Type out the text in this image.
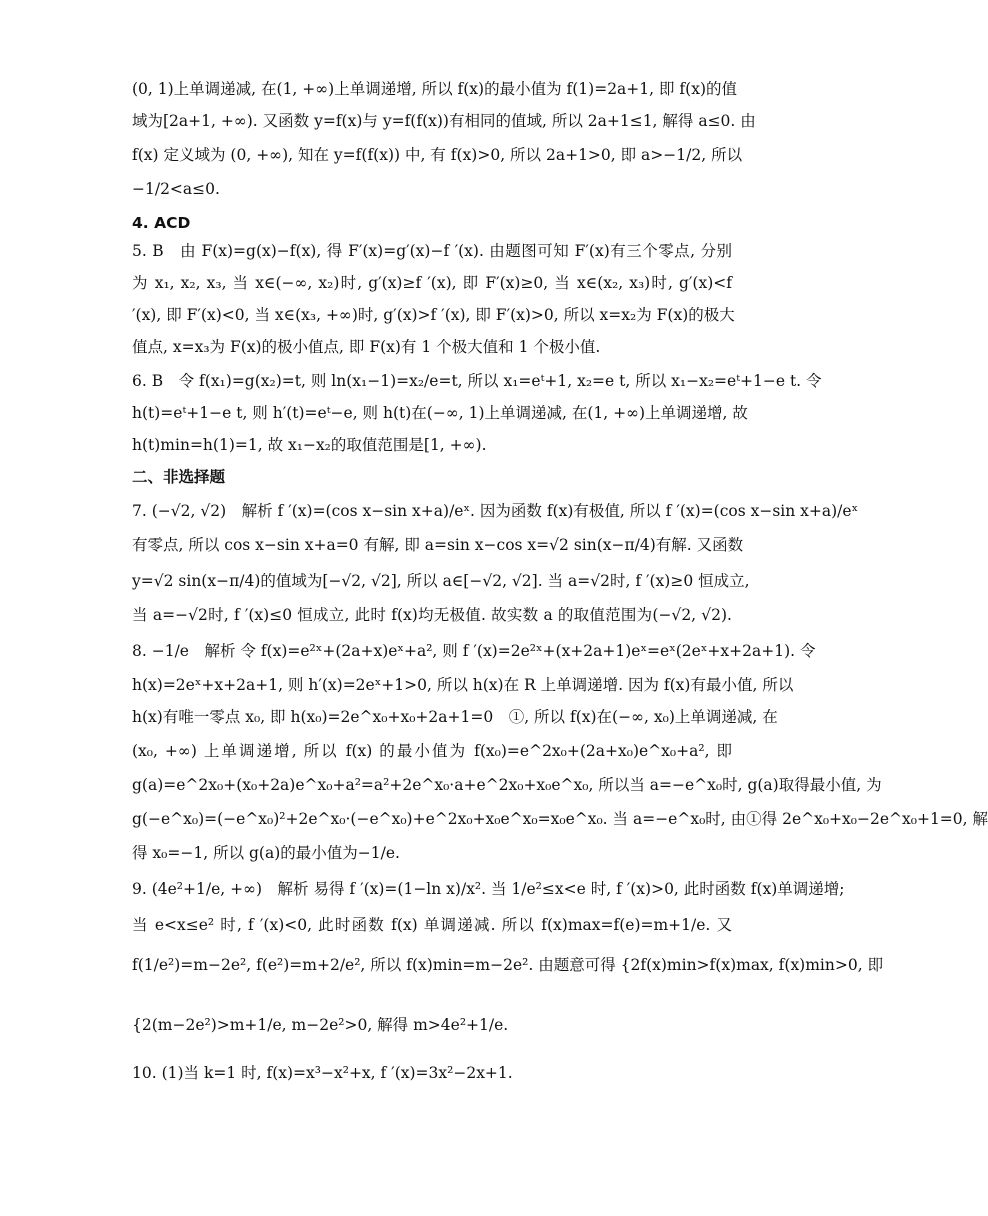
(0, 1)上单调递减, 在(1, +∞)上单调递增, 所以 f(x)的最小值为 f(1)=2a+1, 即 f(x)的值
域为[2a+1, +∞). 又函数 y=f(x)与 y=f(f(x))有相同的值域, 所以 2a+1≤1, 解得 a≤0. 由
f(x) 定义域为 (0, +∞), 知在 y=f(f(x)) 中, 有 f(x)>0, 所以 2a+1>0, 即 a>−1/2, 所以
−1/2<a≤0.
4. ACD
5. B　由 F(x)=g(x)−f(x), 得 F′(x)=g′(x)−f ′(x). 由题图可知 F′(x)有三个零点, 分别
为 x₁, x₂, x₃, 当 x∈(−∞, x₂)时, g′(x)≥f ′(x), 即 F′(x)≥0, 当 x∈(x₂, x₃)时, g′(x)<f
′(x), 即 F′(x)<0, 当 x∈(x₃, +∞)时, g′(x)>f ′(x), 即 F′(x)>0, 所以 x=x₂为 F(x)的极大
值点, x=x₃为 F(x)的极小值点, 即 F(x)有 1 个极大值和 1 个极小值.
6. B　令 f(x₁)=g(x₂)=t, 则 ln(x₁−1)=x₂/e=t, 所以 x₁=eᵗ+1, x₂=e t, 所以 x₁−x₂=eᵗ+1−e t. 令
h(t)=eᵗ+1−e t, 则 h′(t)=eᵗ−e, 则 h(t)在(−∞, 1)上单调递减, 在(1, +∞)上单调递增, 故
h(t)min=h(1)=1, 故 x₁−x₂的取值范围是[1, +∞).
二、非选择题
7. (−√2, √2)　解析 f ′(x)=(cos x−sin x+a)/eˣ. 因为函数 f(x)有极值, 所以 f ′(x)=(cos x−sin x+a)/eˣ
有零点, 所以 cos x−sin x+a=0 有解, 即 a=sin x−cos x=√2 sin(x−π/4)有解. 又函数
y=√2 sin(x−π/4)的值域为[−√2, √2], 所以 a∈[−√2, √2]. 当 a=√2时, f ′(x)≥0 恒成立,
当 a=−√2时, f ′(x)≤0 恒成立, 此时 f(x)均无极值. 故实数 a 的取值范围为(−√2, √2).
8. −1/e　解析 令 f(x)=e²ˣ+(2a+x)eˣ+a², 则 f ′(x)=2e²ˣ+(x+2a+1)eˣ=eˣ(2eˣ+x+2a+1). 令
h(x)=2eˣ+x+2a+1, 则 h′(x)=2eˣ+1>0, 所以 h(x)在 R 上单调递增. 因为 f(x)有最小值, 所以
h(x)有唯一零点 x₀, 即 h(x₀)=2e^x₀+x₀+2a+1=0　①, 所以 f(x)在(−∞, x₀)上单调递减, 在
(x₀, +∞) 上单调递增, 所以 f(x) 的最小值为 f(x₀)=e^2x₀+(2a+x₀)e^x₀+a², 即
g(a)=e^2x₀+(x₀+2a)e^x₀+a²=a²+2e^x₀·a+e^2x₀+x₀e^x₀, 所以当 a=−e^x₀时, g(a)取得最小值, 为
g(−e^x₀)=(−e^x₀)²+2e^x₀·(−e^x₀)+e^2x₀+x₀e^x₀=x₀e^x₀. 当 a=−e^x₀时, 由①得 2e^x₀+x₀−2e^x₀+1=0, 解
得 x₀=−1, 所以 g(a)的最小值为−1/e.
9. (4e²+1/e, +∞)　解析 易得 f ′(x)=(1−ln x)/x². 当 1/e²≤x<e 时, f ′(x)>0, 此时函数 f(x)单调递增;
当 e<x≤e² 时, f ′(x)<0, 此时函数 f(x) 单调递减. 所以 f(x)max=f(e)=m+1/e. 又
f(1/e²)=m−2e², f(e²)=m+2/e², 所以 f(x)min=m−2e². 由题意可得 {2f(x)min>f(x)max, f(x)min>0, 即
{2(m−2e²)>m+1/e, m−2e²>0, 解得 m>4e²+1/e.
10. (1)当 k=1 时, f(x)=x³−x²+x, f ′(x)=3x²−2x+1.
